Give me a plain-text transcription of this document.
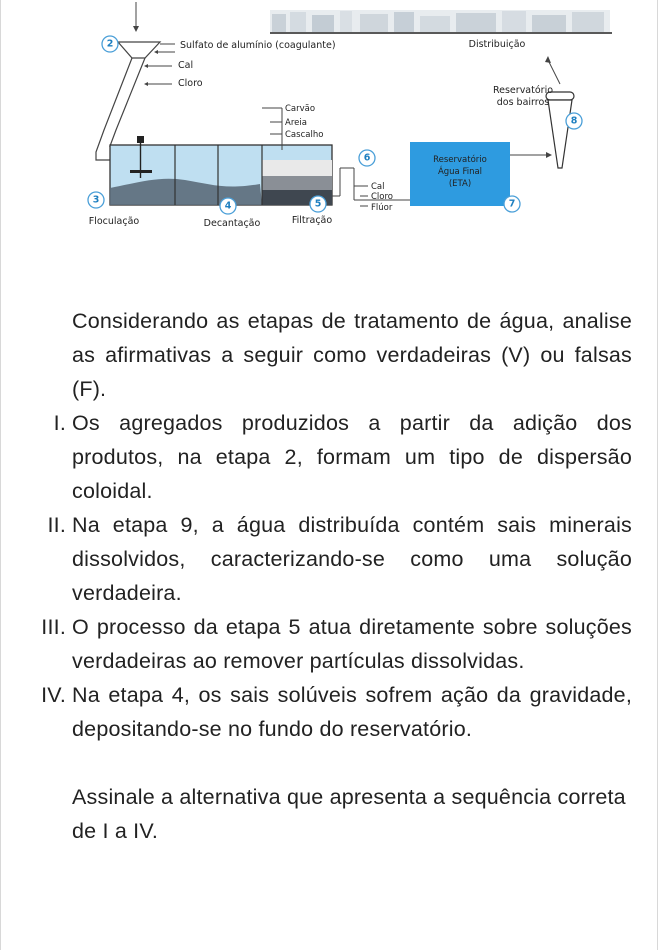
Sulfato de alumínio (coagulante)
Cal
Cloro
Carvão
Areia
Cascalho
Cal
Cloro
Flúor
Reservatório
Água Final
(ETA)
Reservatório
dos bairros
Distribuição
Floculação	Decantação	Filtração
2
3
4	5
6
7
8
Considerando as etapas de tratamento de água, analise as afirmativas a seguir como verdadeiras (V) ou falsas (F).
I. Os agregados produzidos a partir da adição dos produtos, na etapa 2, formam um tipo de dispersão coloidal.
II. Na etapa 9, a água distribuída contém sais minerais dissolvidos, caracterizando-se como uma solução verdadeira.
III. O processo da etapa 5 atua diretamente sobre soluções verdadeiras ao remover partículas dissolvidas.
IV. Na etapa 4, os sais solúveis sofrem ação da gravidade, depositando-se no fundo do reservatório.
Assinale a alternativa que apresenta a sequência correta de I a IV.
